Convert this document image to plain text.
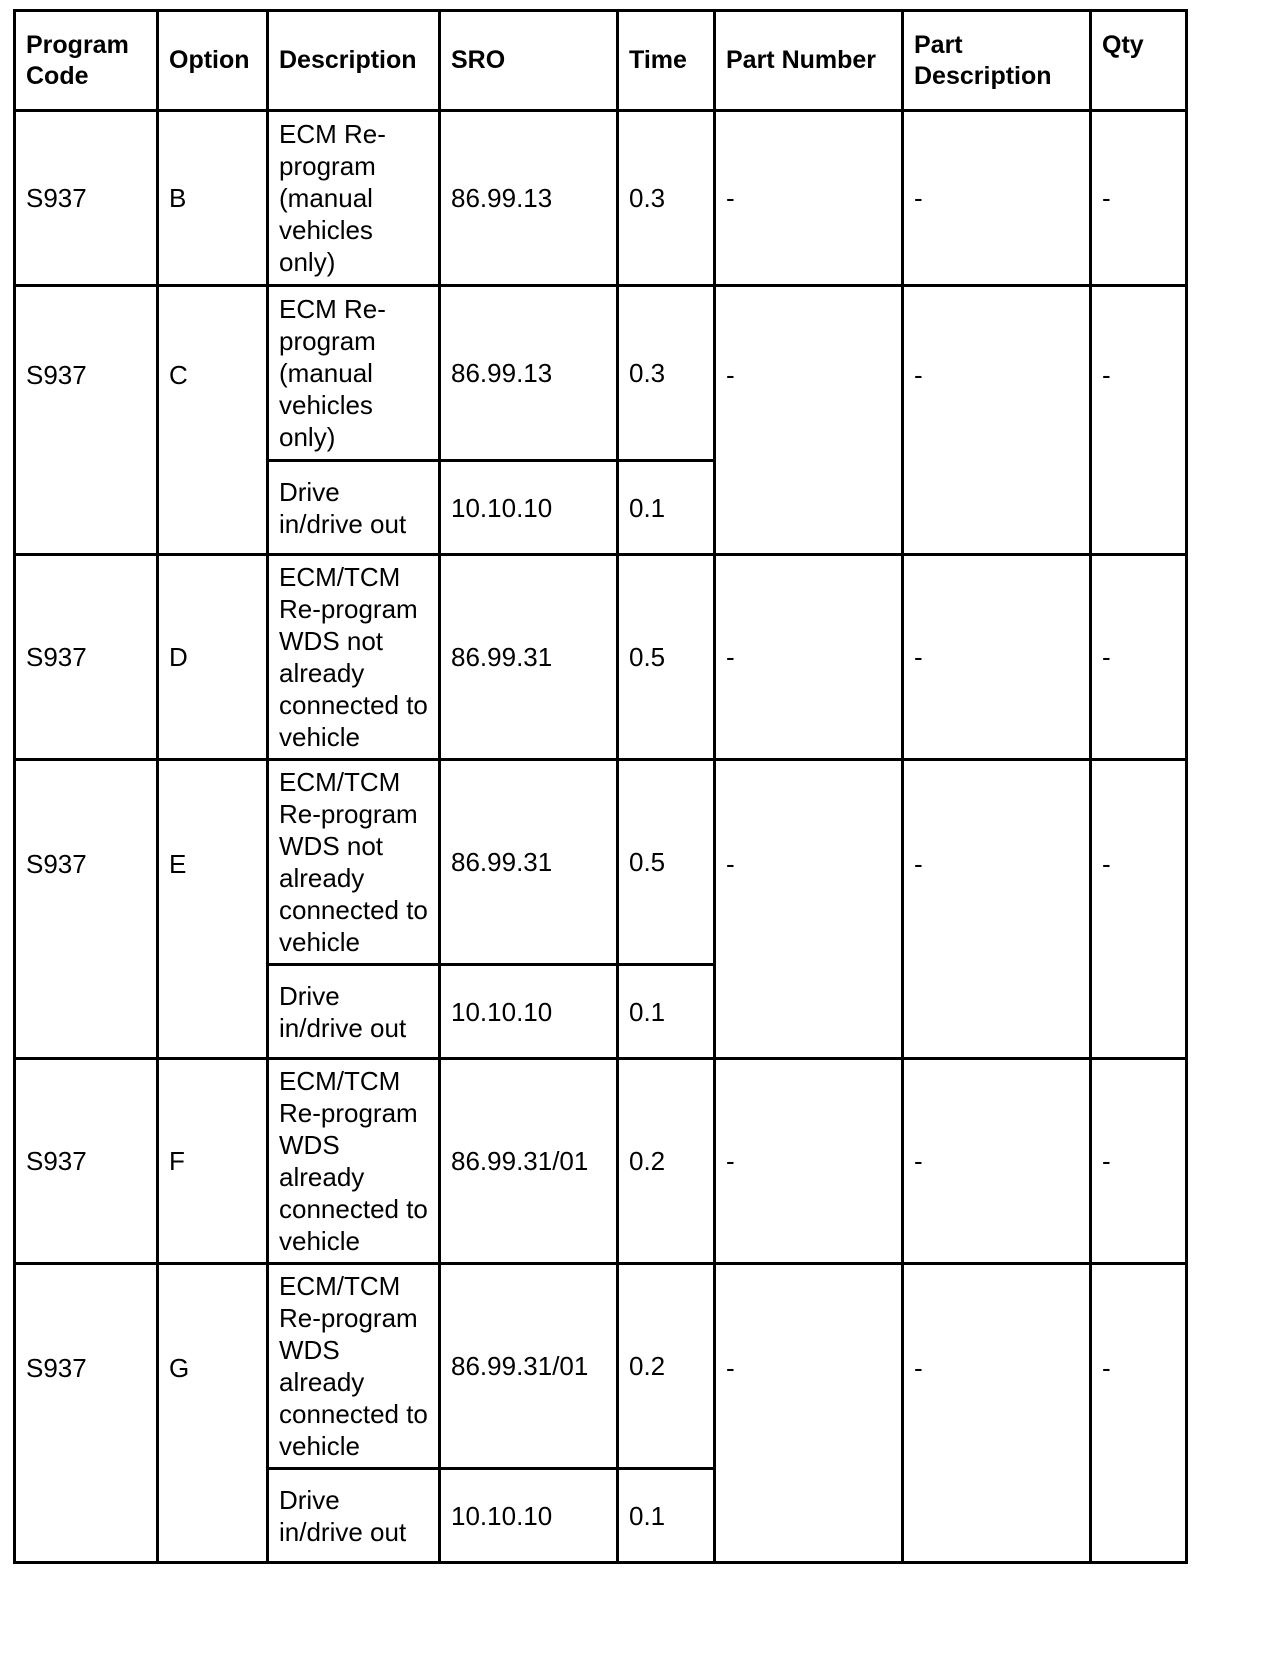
Program Code	Option	Description	SRO	Time	Part Number	Part Description	Qty
S937	B	ECM Re-program (manual vehicles only)	86.99.13	0.3	-	-	-
S937	C	ECM Re-program (manual vehicles only)	86.99.13	0.3	-	-	-
		Drive in/drive out	10.10.10	0.1			
S937	D	ECM/TCM Re-program WDS not already connected to vehicle	86.99.31	0.5	-	-	-
S937	E	ECM/TCM Re-program WDS not already connected to vehicle	86.99.31	0.5	-	-	-
		Drive in/drive out	10.10.10	0.1			
S937	F	ECM/TCM Re-program WDS already connected to vehicle	86.99.31/01	0.2	-	-	-
S937	G	ECM/TCM Re-program WDS already connected to vehicle	86.99.31/01	0.2	-	-	-
		Drive in/drive out	10.10.10	0.1			
